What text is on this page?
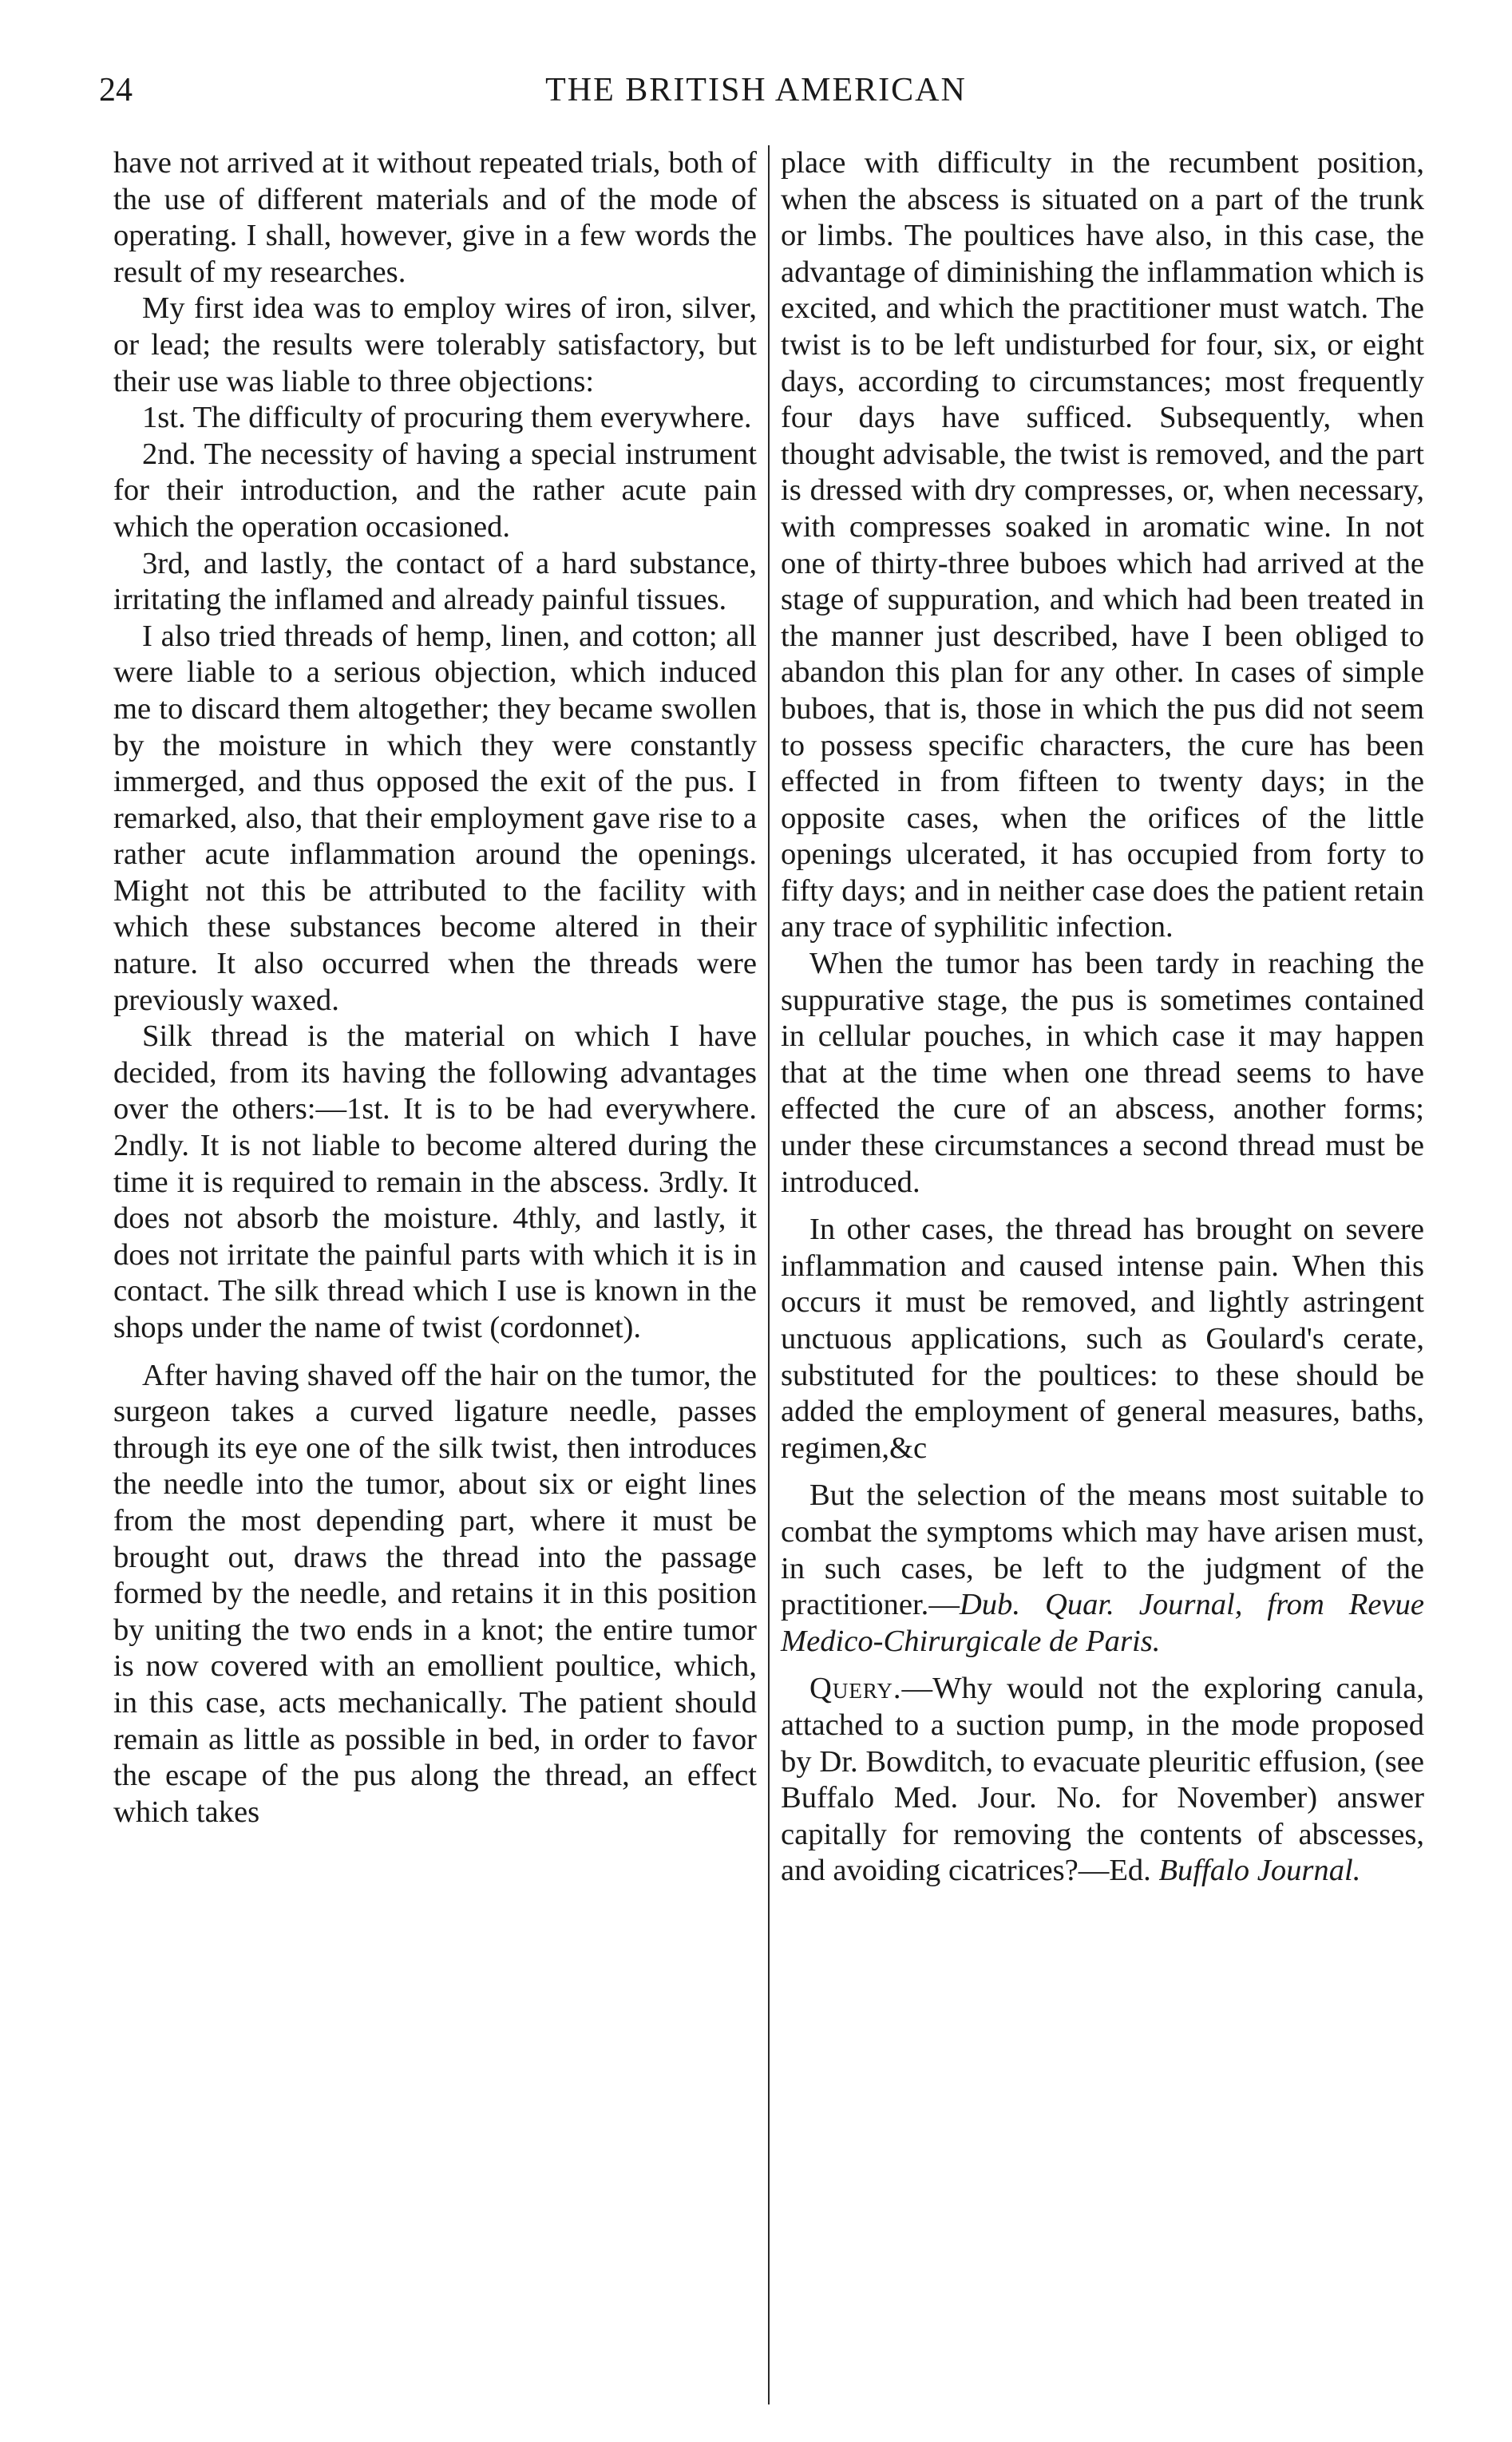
24	THE BRITISH AMERICAN

have not arrived at it without repeated trials, both of the use of different materials and of the mode of operating. I shall, however, give in a few words the result of my researches.

My first idea was to employ wires of iron, silver, or lead; the results were tolerably satisfactory, but their use was liable to three objections:

1st. The difficulty of procuring them everywhere.

2nd. The necessity of having a special instrument for their introduction, and the rather acute pain which the operation occasioned.

3rd, and lastly, the contact of a hard substance, irritating the inflamed and already painful tissues.

I also tried threads of hemp, linen, and cotton; all were liable to a serious objection, which induced me to discard them altogether; they became swollen by the moisture in which they were constantly immerged, and thus opposed the exit of the pus. I remarked, also, that their employment gave rise to a rather acute inflammation around the openings. Might not this be attributed to the facility with which these substances become altered in their nature. It also occurred when the threads were previously waxed.

Silk thread is the material on which I have decided, from its having the following advantages over the others:—1st. It is to be had everywhere. 2ndly. It is not liable to become altered during the time it is required to remain in the abscess. 3rdly. It does not absorb the moisture. 4thly, and lastly, it does not irritate the painful parts with which it is in contact. The silk thread which I use is known in the shops under the name of twist (cordonnet).

After having shaved off the hair on the tumor, the surgeon takes a curved ligature needle, passes through its eye one of the silk twist, then introduces the needle into the tumor, about six or eight lines from the most depending part, where it must be brought out, draws the thread into the passage formed by the needle, and retains it in this position by uniting the two ends in a knot; the entire tumor is now covered with an emollient poultice, which, in this case, acts mechanically. The patient should remain as little as possible in bed, in order to favor the escape of the pus along the thread, an effect which takes

place with difficulty in the recumbent position, when the abscess is situated on a part of the trunk or limbs. The poultices have also, in this case, the advantage of diminishing the inflammation which is excited, and which the practitioner must watch. The twist is to be left undisturbed for four, six, or eight days, according to circumstances; most frequently four days have sufficed. Subsequently, when thought advisable, the twist is removed, and the part is dressed with dry compresses, or, when necessary, with compresses soaked in aromatic wine. In not one of thirty-three buboes which had arrived at the stage of suppuration, and which had been treated in the manner just described, have I been obliged to abandon this plan for any other. In cases of simple buboes, that is, those in which the pus did not seem to possess specific characters, the cure has been effected in from fifteen to twenty days; in the opposite cases, when the orifices of the little openings ulcerated, it has occupied from forty to fifty days; and in neither case does the patient retain any trace of syphilitic infection.

When the tumor has been tardy in reaching the suppurative stage, the pus is sometimes contained in cellular pouches, in which case it may happen that at the time when one thread seems to have effected the cure of an abscess, another forms; under these circumstances a second thread must be introduced.

In other cases, the thread has brought on severe inflammation and caused intense pain. When this occurs it must be removed, and lightly astringent unctuous applications, such as Goulard's cerate, substituted for the poultices: to these should be added the employment of general measures, baths, regimen,&c

But the selection of the means most suitable to combat the symptoms which may have arisen must, in such cases, be left to the judgment of the practitioner.—Dub. Quar. Journal, from Revue Medico-Chirurgicale de Paris.

Query.—Why would not the exploring canula, attached to a suction pump, in the mode proposed by Dr. Bowditch, to evacuate pleuritic effusion, (see Buffalo Med. Jour. No. for November) answer capitally for removing the contents of abscesses, and avoiding cicatrices?—Ed. Buffalo Journal.
